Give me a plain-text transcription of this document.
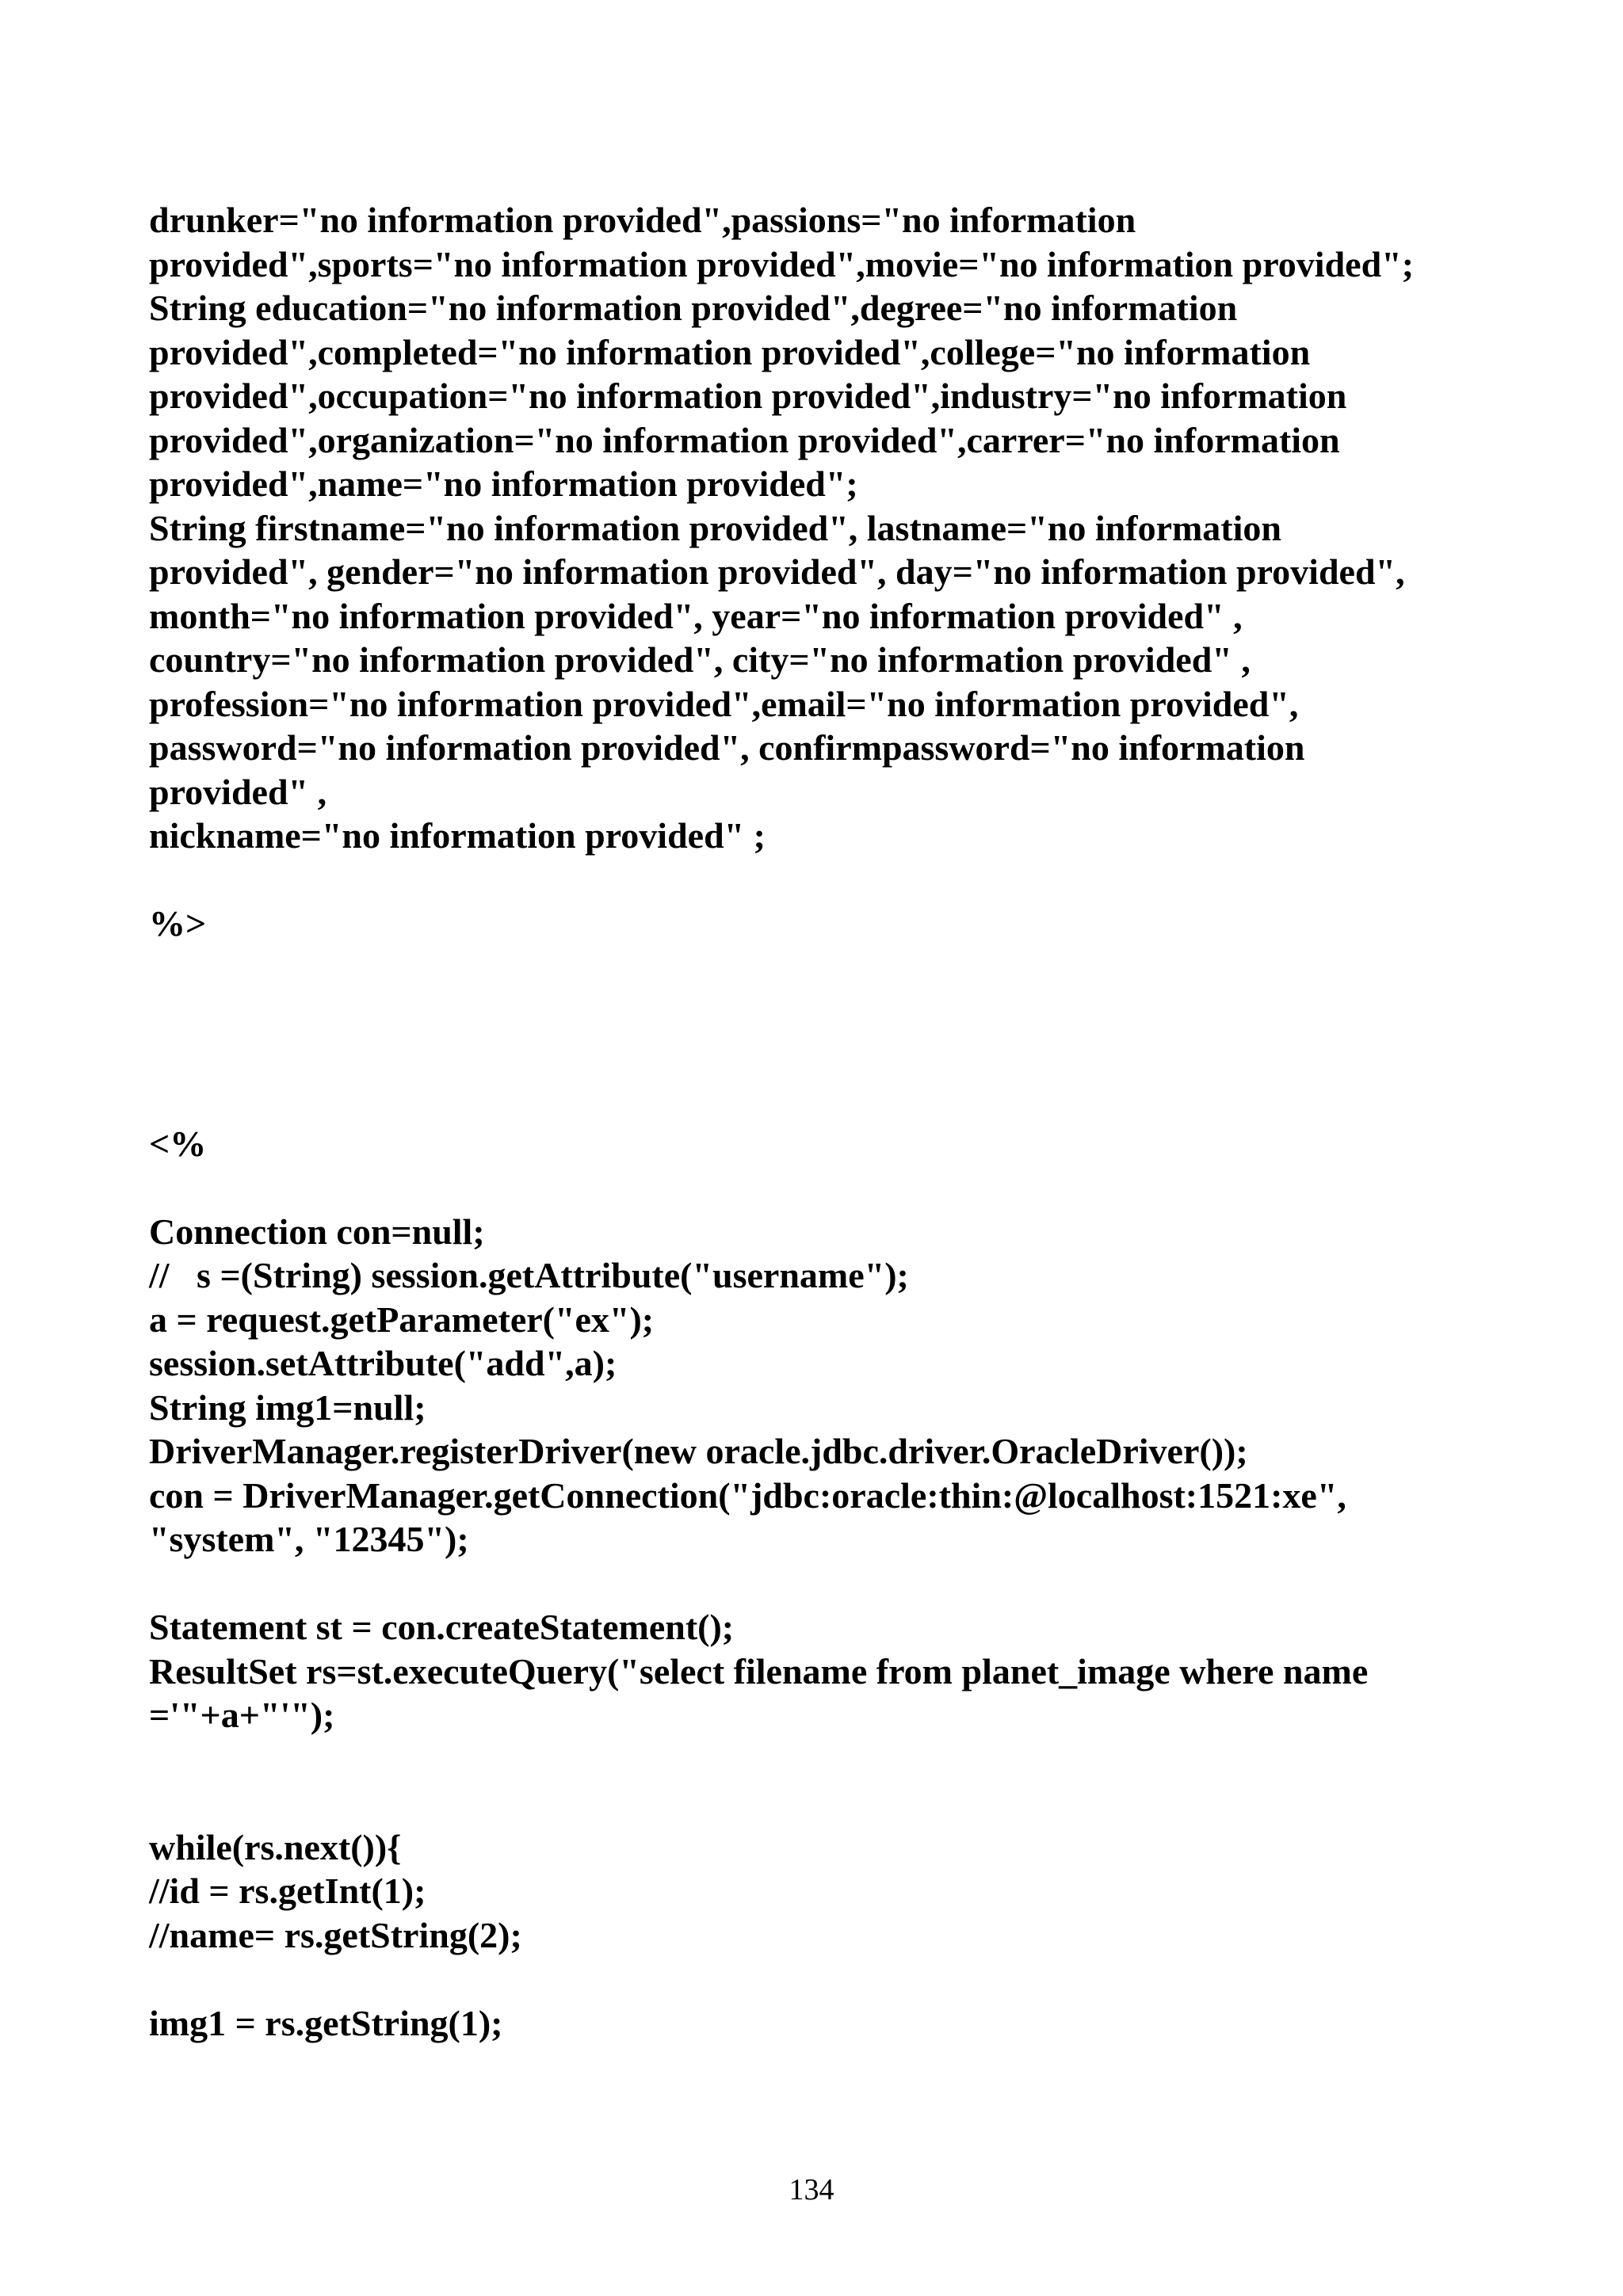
drunker="no information provided",passions="no information
provided",sports="no information provided",movie="no information provided";
String education="no information provided",degree="no information
provided",completed="no information provided",college="no information
provided",occupation="no information provided",industry="no information
provided",organization="no information provided",carrer="no information
provided",name="no information provided";
String firstname="no information provided", lastname="no information
provided", gender="no information provided", day="no information provided",
month="no information provided", year="no information provided" ,
country="no information provided", city="no information provided" ,
profession="no information provided",email="no information provided",
password="no information provided", confirmpassword="no information
provided" ,
nickname="no information provided" ;
%>
<%
Connection con=null;
//   s =(String) session.getAttribute("username");
a = request.getParameter("ex");
session.setAttribute("add",a);
String img1=null;
DriverManager.registerDriver(new oracle.jdbc.driver.OracleDriver());
con = DriverManager.getConnection("jdbc:oracle:thin:@localhost:1521:xe",
"system", "12345");
Statement st = con.createStatement();
ResultSet rs=st.executeQuery("select filename from planet_image where name
='"+a+"'");
while(rs.next()){
//id = rs.getInt(1);
//name= rs.getString(2);
img1 = rs.getString(1);
134
